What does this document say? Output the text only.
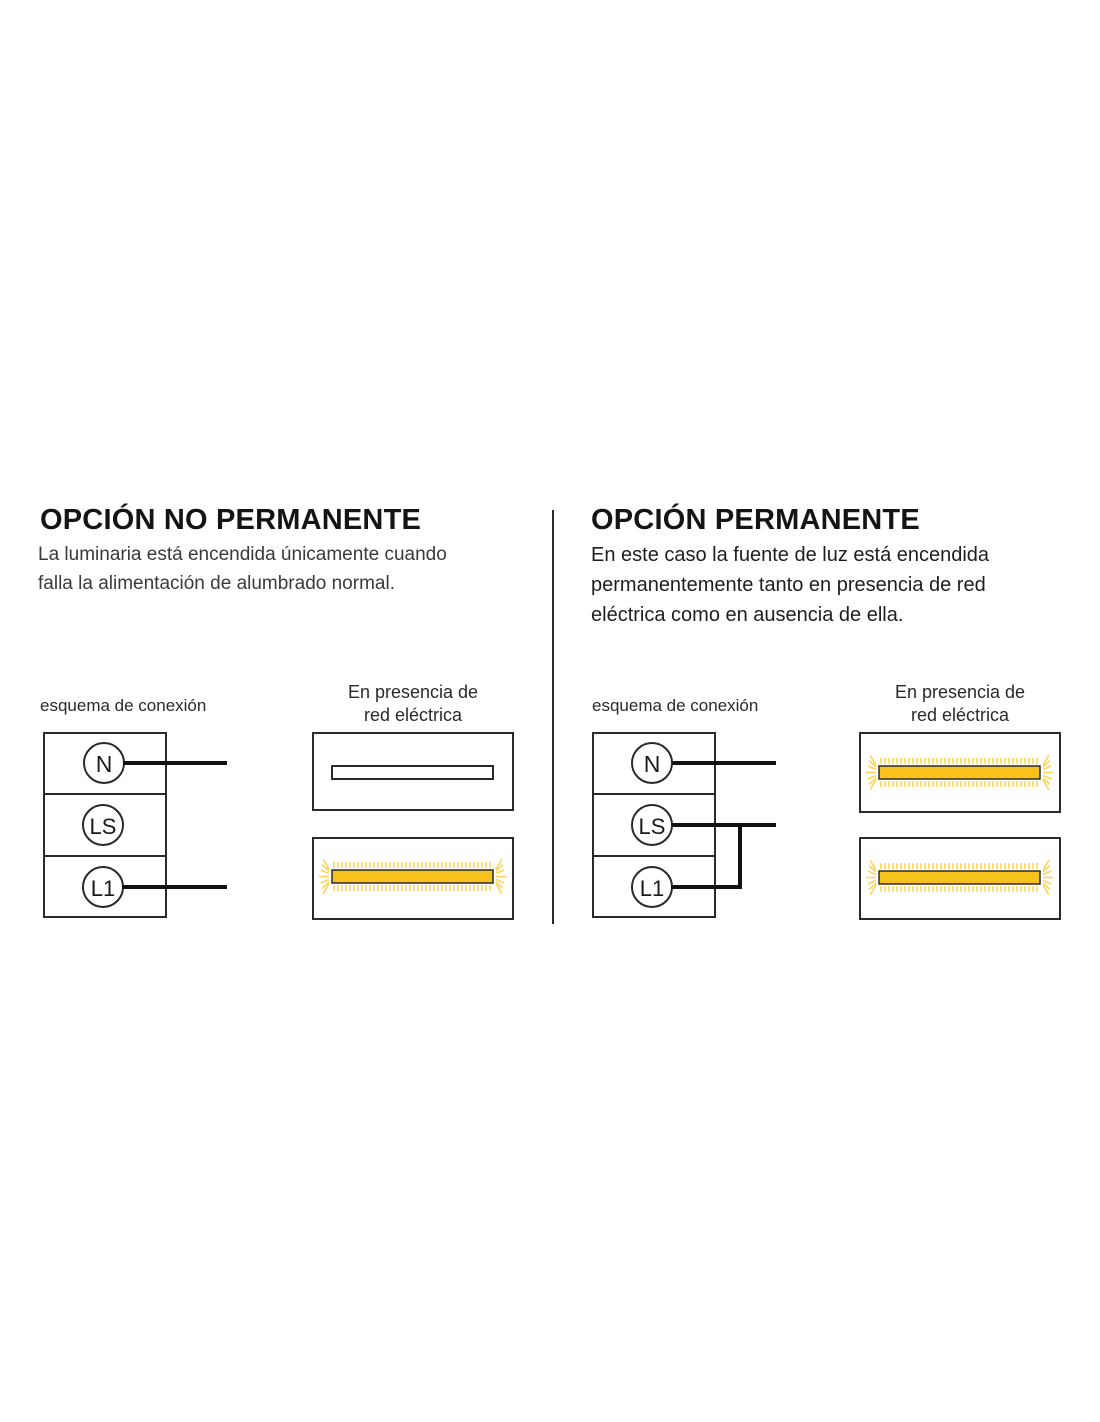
OPCIÓN NO PERMANENTE
La luminaria está encendida únicamente cuando
falla la alimentación de alumbrado normal.
esquema de conexión
En presencia de
red eléctrica
OPCIÓN PERMANENTE
En este caso la fuente de luz está encendida
permanentemente tanto en presencia de red
eléctrica como en ausencia de ella.
esquema de conexión
En presencia de
red eléctrica
N
LS
L1
N
LS
L1
